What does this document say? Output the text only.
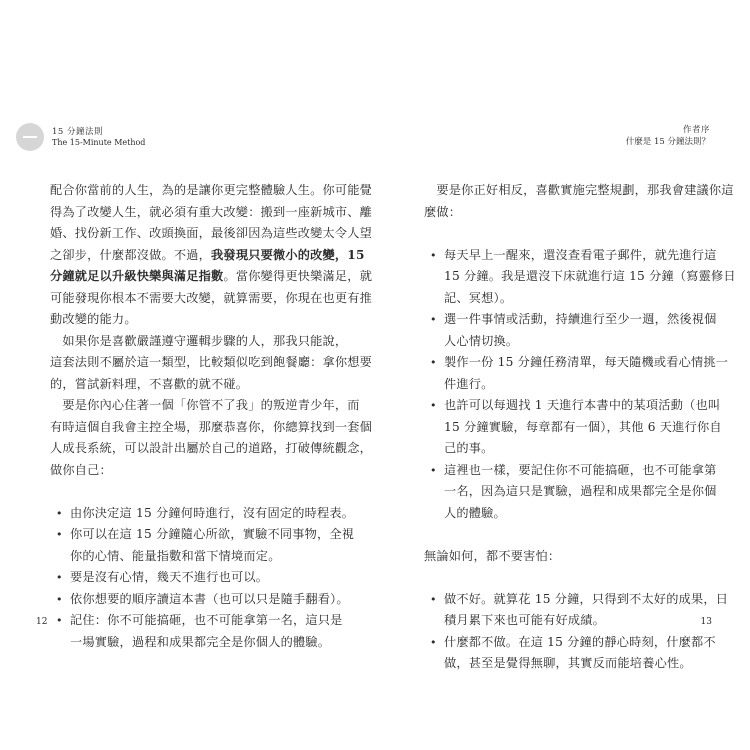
15 分鐘法則
The 15-Minute Method
作者序
什麼是 15 分鐘法則？
配合你當前的人生，為的是讓你更完整體驗人生。你可能覺
得為了改變人生，就必須有重大改變：搬到一座新城市、離
婚、找份新工作、改頭換面，最後卻因為這些改變太令人望
之卻步，什麼都沒做。不過，我發現只要微小的改變，15
分鐘就足以升級快樂與滿足指數。當你變得更快樂滿足，就
可能發現你根本不需要大改變，就算需要，你現在也更有推
動改變的能力。
　如果你是喜歡嚴謹遵守邏輯步驟的人，那我只能說，
這套法則不屬於這一類型，比較類似吃到飽餐廳：拿你想要
的，嘗試新料理，不喜歡的就不碰。
　要是你內心住著一個「你管不了我」的叛逆青少年，而
有時這個自我會主控全場，那麼恭喜你，你總算找到一套個
人成長系統，可以設計出屬於自己的道路，打破傳統觀念，
做你自己：
• 由你決定這 15 分鐘何時進行，沒有固定的時程表。
• 你可以在這 15 分鐘隨心所欲，實驗不同事物，全視
你的心情、能量指數和當下情境而定。
• 要是沒有心情，幾天不進行也可以。
• 依你想要的順序讀這本書（也可以只是隨手翻看）。
• 記住：你不可能搞砸，也不可能拿第一名，這只是
一場實驗，過程和成果都完全是你個人的體驗。
　要是你正好相反，喜歡實施完整規劃，那我會建議你這
麼做：
• 每天早上一醒來，還沒查看電子郵件，就先進行這
15 分鐘。我是還沒下床就進行這 15 分鐘（寫靈修日
記、冥想）。
• 選一件事情或活動，持續進行至少一週，然後視個
人心情切換。
• 製作一份 15 分鐘任務清單，每天隨機或看心情挑一
件進行。
• 也許可以每週找 1 天進行本書中的某項活動（也叫
15 分鐘實驗，每章都有一個），其他 6 天進行你自
己的事。
• 這裡也一樣，要記住你不可能搞砸，也不可能拿第
一名，因為這只是實驗，過程和成果都完全是你個
人的體驗。
無論如何，都不要害怕：
• 做不好。就算花 15 分鐘，只得到不太好的成果，日
積月累下來也可能有好成績。
• 什麼都不做。在這 15 分鐘的靜心時刻，什麼都不
做，甚至是覺得無聊，其實反而能培養心性。
12	13
